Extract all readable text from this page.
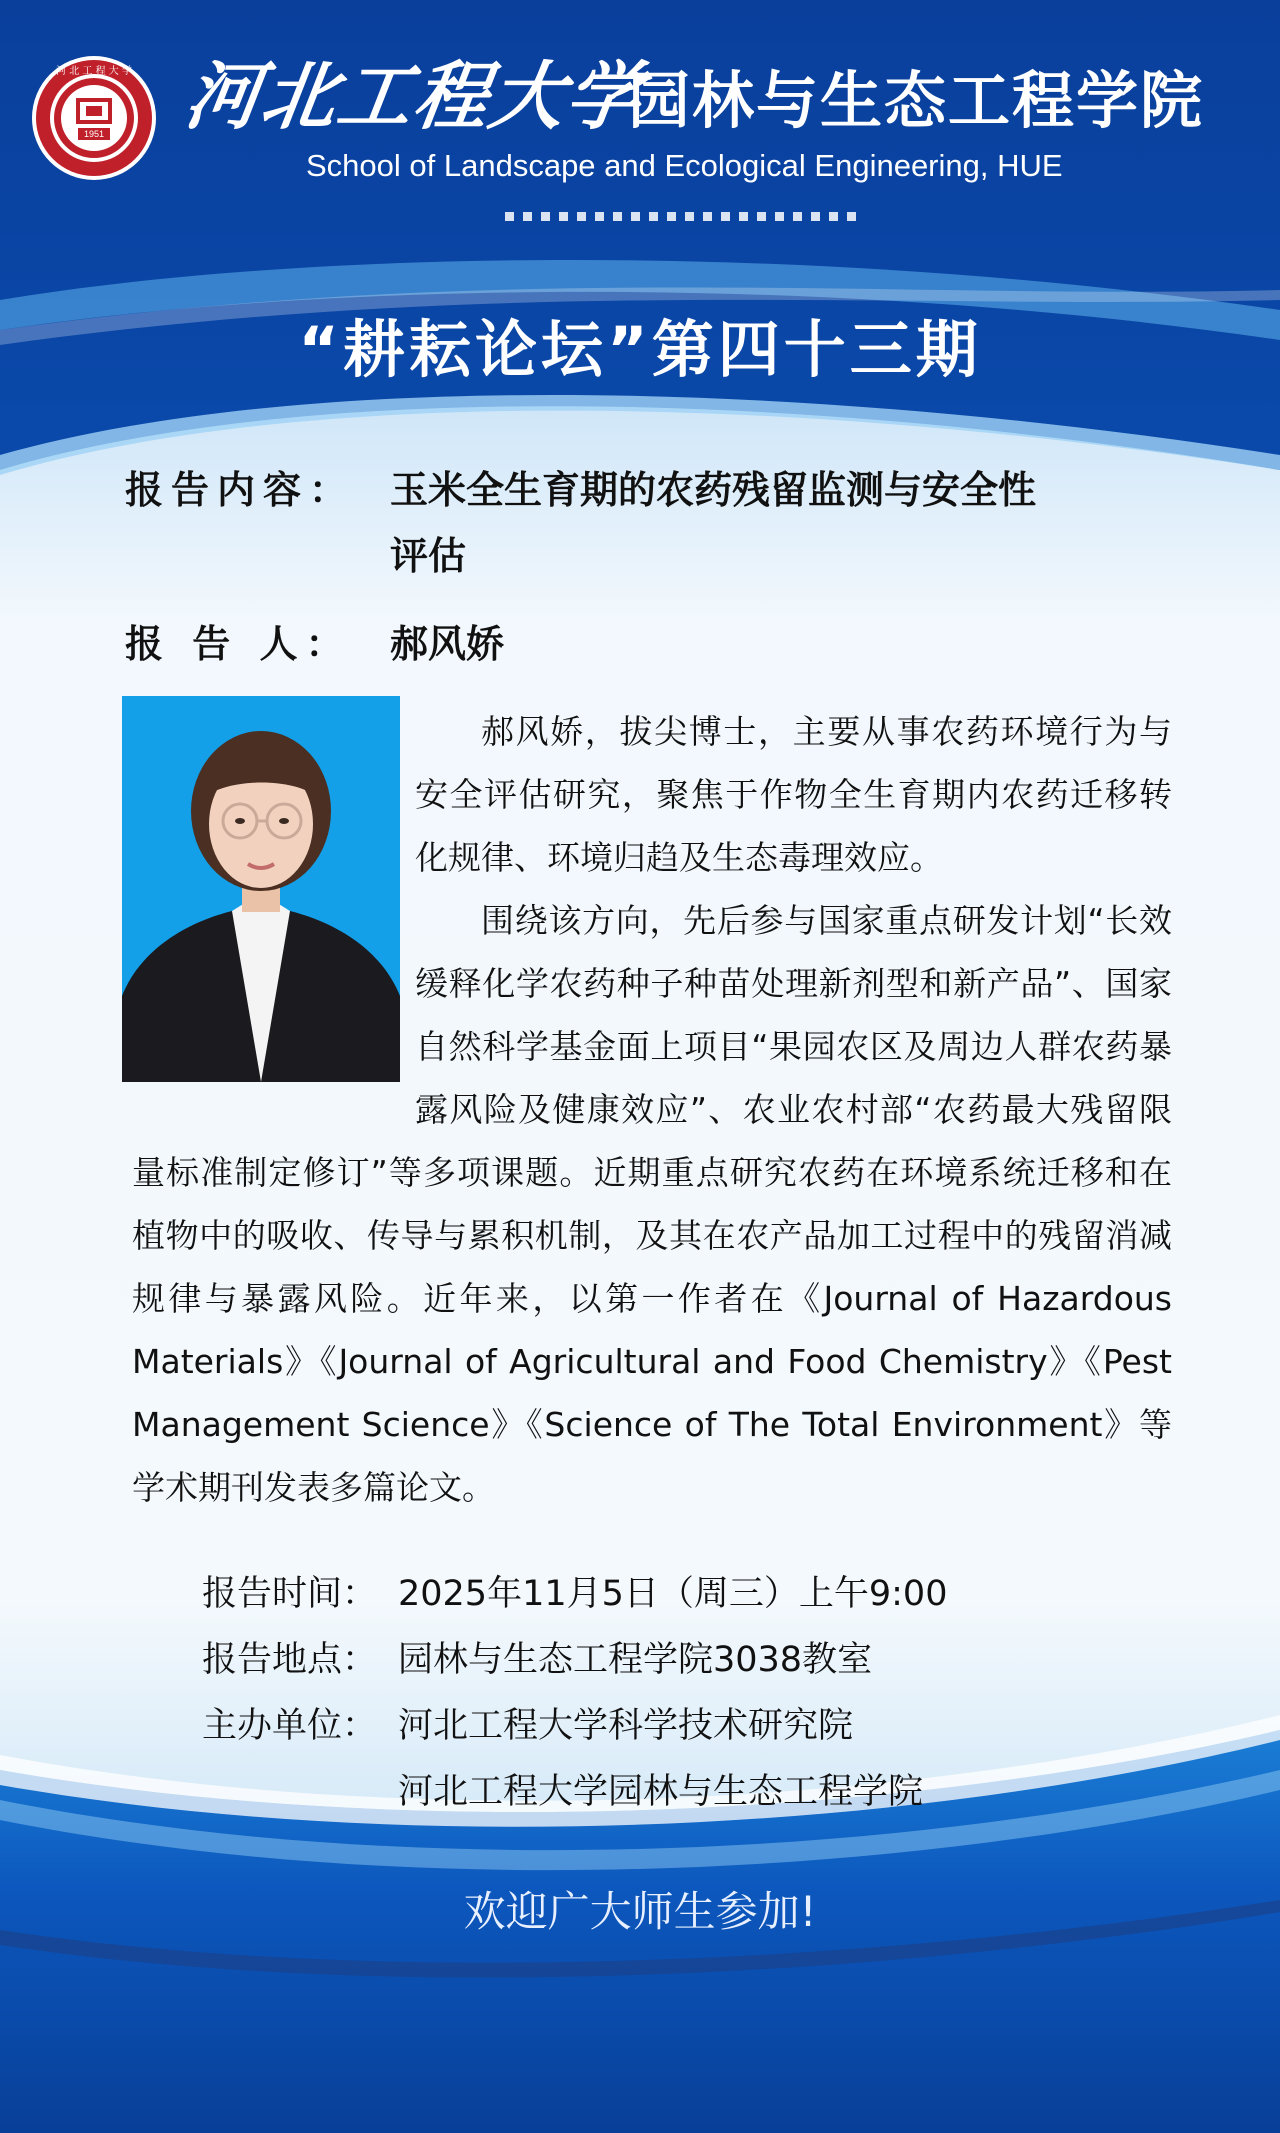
1951
河 北 工 程 大 学 河北工程大学
园林与生态工程学院
School of Landscape and Ecological Engineering, HUE
“耕耘论坛”第四十三期
报告内容： 玉米全生育期的农药残留监测与安全性
评估
报 告 人： 郝风娇

郝风娇，拔尖博士，主要从事农药环境行为与安全评估研究，聚焦于作物全生育期内农药迁移转化规律、环境归趋及生态毒理效应。

围绕该方向，先后参与国家重点研发计划“长效缓释化学农药种子种苗处理新剂型和新产品”、国家自然科学基金面上项目“果园农区及周边人群农药暴露风险及健康效应”、农业农村部“农药最大残留限量标准制定修订”等多项课题。近期重点研究农药在环境系统迁移和在植物中的吸收、传导与累积机制，及其在农产品加工过程中的残留消减规律与暴露风险。近年来，以第一作者在《Journal of Hazardous Materials》《Journal of Agricultural and Food Chemistry》《Pest Management Science》《Science of The Total Environment》等学术期刊发表多篇论文。

报告时间： 2025年11月5日（周三）上午9:00
报告地点： 园林与生态工程学院3038教室
主办单位： 河北工程大学科学技术研究院
河北工程大学园林与生态工程学院
欢迎广大师生参加!
